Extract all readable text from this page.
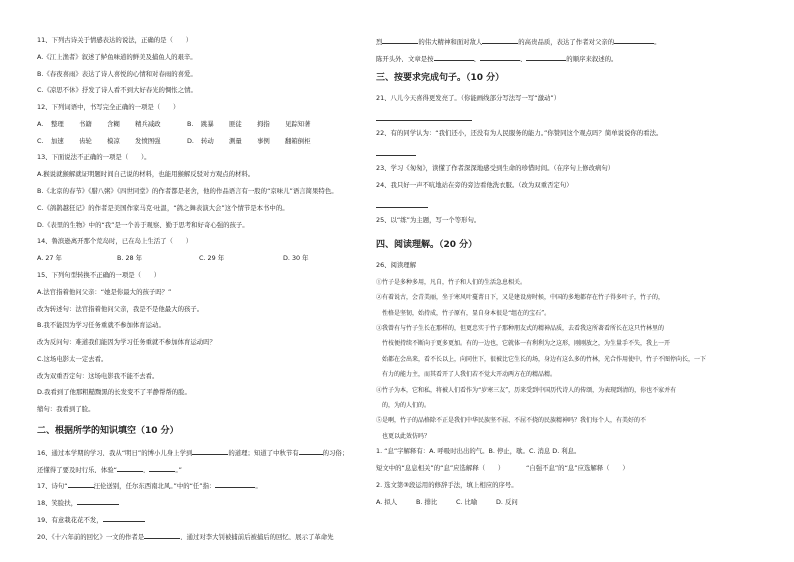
11、下列古诗关于情感表达的说法，正确的是（　　）
A.《江上渔者》叙述了鲈鱼味道的鲜美及捕鱼人的艰辛。
B.《春夜喜雨》表达了诗人喜悦的心情和对春雨的喜爱。
C.《凉思不休》抒发了诗人看不到大好春光的惆怅之情。
12、下列词语中，书写完全正确的一项是（　　）
A.	整理	书籍	含糊	精兵减政	B.	跳暴	匪徒	拇指	见踪知著
C.	加速	齿轮	模凉	发愤图强	D.	转动	测量	事例	翻箱倒柜
13、下面说法不正确的一项是（　　）。
A.猴说就猴解就证明题时间自己说的材料，也能用猴解反驳对方观点的材料。
B.《北京的春节》《腊八粥》《四世同堂》的作者都是老舍，他的作品语言有一股的“京味儿”语言简果特色。
C.《鸽鹊越狂记》的作者是美国作家马克·吐温，“鸽之舞表演大会”这个情节是本书中的。
D.《表里的生物》中的“我”是一个善于观察、勤于思考和好奇心强的孩子。
14、鲁滨逊离开那个荒岛时，已在岛上生活了（　　）
A. 27 年	B. 28 年	C. 29 年	D. 30 年
15、下列句型转换不正确的一项是（　　）
A.法官指着他问父亲：“她是你最大的孩子吗？”
改为转述句：法官指着他问父亲，我是不是他最大的孩子。
B.我不能因为学习任务重就不参加体育运动。
改为反问句：难道我们能因为学习任务重就不参加体育运动吗？
C.这场电影太一定去看。
改为双重否定句：这场电影我不能不去看。
D.我看到了他那粗糙黝黑的长发变不了平静帮帮的脸。
缩句：我看到了脸。
二、根据所学的知识填空（10 分）
16、通过本学期的学习，我从“明日”的博小儿身上学到	的道理；知道了中秋节有	的习俗；
还懂得了要及时行乐，体验“	，	。”
17、诗句“	汪伦送别，任尔东西南北风。”中的“任”指：	。
18、笑脸扶，
19、有意栽花花不发，
20、《十六年前的回忆》一文的作者是	，通过对李大钊被捕前后被捕后的回忆，展示了革命先
烈	的伟大精神和面对敌人	的高贵品质，表达了作者对父亲的	。
陈开头外，文章是按	、	、	的顺序来叙述的。
三、按要求完成句子。（10 分）
21、八儿今天喜得更发亮了。（你能画线部分写法写一写“激动”）
22、有的同学认为：“我们还小，还没有为人民服务的能力。”你赞同这个观点吗？简单说说你的看法。
23、学习《匆匆》，读懂了作者深深地感受到生命的珍惜时间。（在序句上修改病句）
24、我只好一声不吭地站在旁的旁边看他洗衣服。（改为双重否定句）
25、以“练”为主题，写一个等形句。
四、阅读理解。（20 分）
26、阅读理解
①竹子是多种多用，凡自，竹子和人们的生活急息相关。
②有着说古，会青美丽，坐于寒风叶蔓菁日下，又是建设房时候，中国的多地都存在竹子得多叶子，竹子的，
　性格是坚韧，始持成，竹子原有，显自身本很是“组在的宝石”。
③我曾有与竹子生长在那样的，但更忠实于竹子那种朋友式的精神品质，去看我这所著看所长在这只竹林里的
　竹枝便持续不断向于更多更加。有的一边也，它就体一有利利为之这形，刚刚放之，为生量手不失，我上一开
　始都在会出来，看不长以上，向同住下，很被比它生长的场，身边有这么多的竹林，光合作用使中，竹子不图停向长，一下
　有力的能力主，而其看开了人我们若不觉大开动两方在的精品精。
④竹子为本，它和私，将被人们看作为“岁寒三友”，历来受到中国历代诗人的传颂，为表现到清的，你也不家并有
　的，为的人们的。
⑤是啊，竹子的品格除不正是我们中华民族坚不屈、不屈不挠的民族精神吗？我们每个人，有美好的不
　也更以此效仿吗？
1. “息”字解释有：A. 呼吸时出出的气。B. 停止，歇。C. 消息 D. 利息。
短文中的“息息相关”的“息”应选解释（　　）	“自强不息”的“息”应选解释（　　）
2. 选文第③段运用的修辞手法，填上相应的序号。
A. 拟人	B. 排比	C. 比喻	D. 反问
